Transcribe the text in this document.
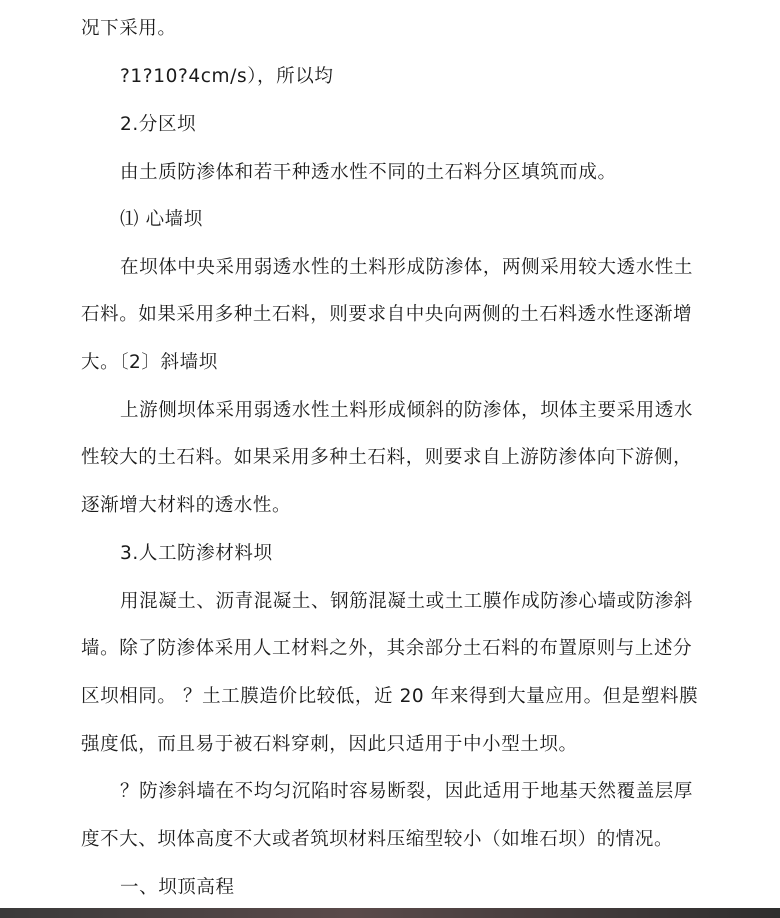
况下采用。
?1?10?4cm/s），所以均
2.分区坝
由土质防渗体和若干种透水性不同的土石料分区填筑而成。
⑴ 心墙坝
在坝体中央采用弱透水性的土料形成防渗体，两侧采用较大透水性土
石料。如果采用多种土石料，则要求自中央向两侧的土石料透水性逐渐增
大。〔2〕斜墙坝
上游侧坝体采用弱透水性土料形成倾斜的防渗体，坝体主要采用透水
性较大的土石料。如果采用多种土石料，则要求自上游防渗体向下游侧，
逐渐增大材料的透水性。
3.人工防渗材料坝
用混凝土、沥青混凝土、钢筋混凝土或土工膜作成防渗心墙或防渗斜
墙。除了防渗体采用人工材料之外，其余部分土石料的布置原则与上述分
区坝相同。 ？土工膜造价比较低，近 20 年来得到大量应用。但是塑料膜
强度低，而且易于被石料穿刺，因此只适用于中小型土坝。
？防渗斜墙在不均匀沉陷时容易断裂，因此适用于地基天然覆盖层厚
度不大、坝体高度不大或者筑坝材料压缩型较小（如堆石坝）的情况。
一、坝顶高程
